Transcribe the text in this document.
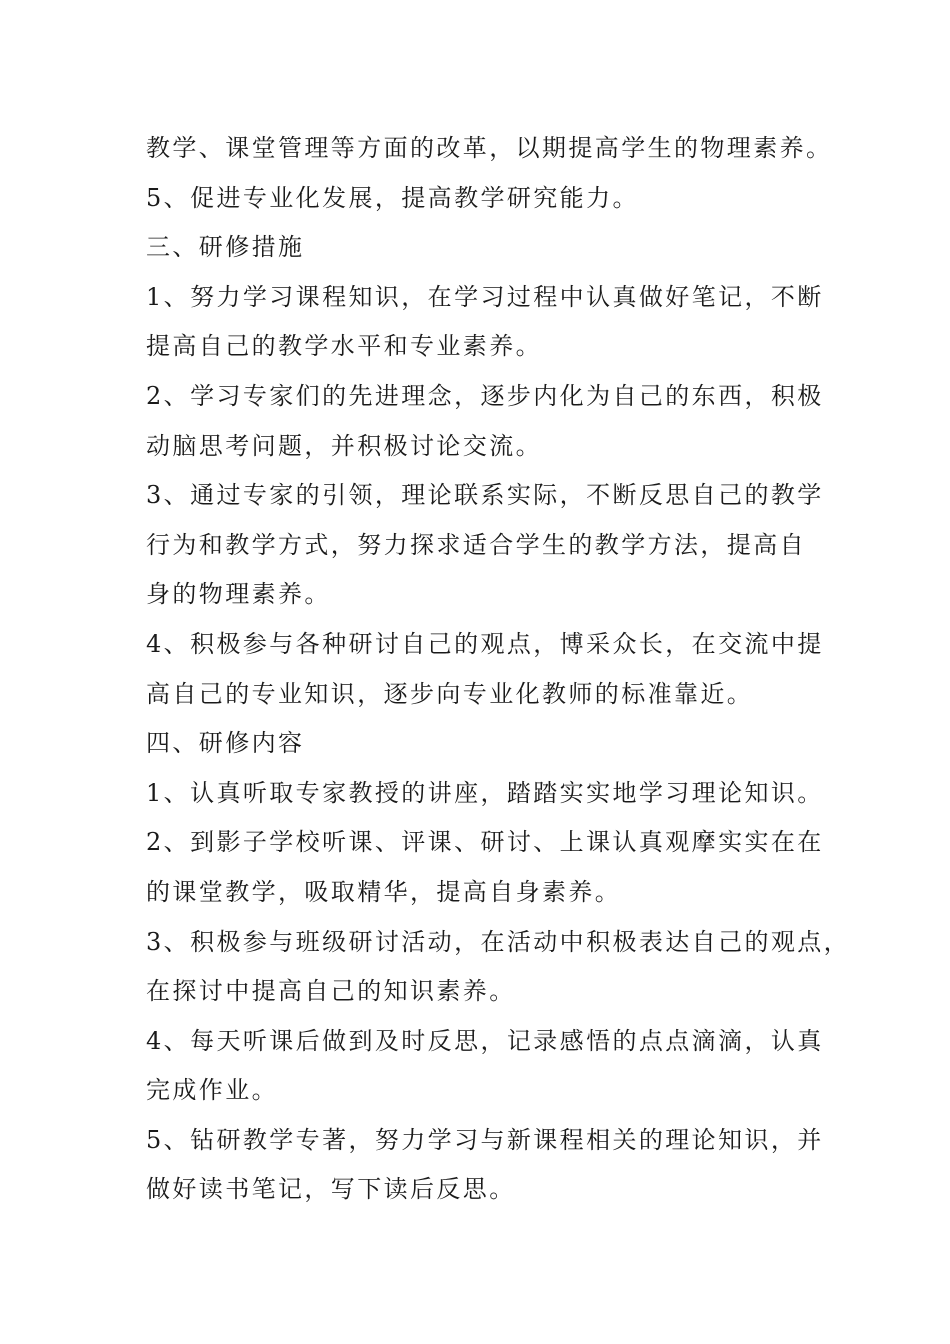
教学、课堂管理等方面的改革，以期提高学生的物理素养。
5、促进专业化发展，提高教学研究能力。
三、研修措施
1、努力学习课程知识，在学习过程中认真做好笔记，不断
提高自己的教学水平和专业素养。
2、学习专家们的先进理念，逐步内化为自己的东西，积极
动脑思考问题，并积极讨论交流。
3、通过专家的引领，理论联系实际，不断反思自己的教学
行为和教学方式，努力探求适合学生的教学方法，提高自
身的物理素养。
4、积极参与各种研讨自己的观点，博采众长，在交流中提
高自己的专业知识，逐步向专业化教师的标准靠近。
四、研修内容
1、认真听取专家教授的讲座，踏踏实实地学习理论知识。
2、到影子学校听课、评课、研讨、上课认真观摩实实在在
的课堂教学，吸取精华，提高自身素养。
3、积极参与班级研讨活动，在活动中积极表达自己的观点，
在探讨中提高自己的知识素养。
4、每天听课后做到及时反思，记录感悟的点点滴滴，认真
完成作业。
5、钻研教学专著，努力学习与新课程相关的理论知识，并
做好读书笔记，写下读后反思。
